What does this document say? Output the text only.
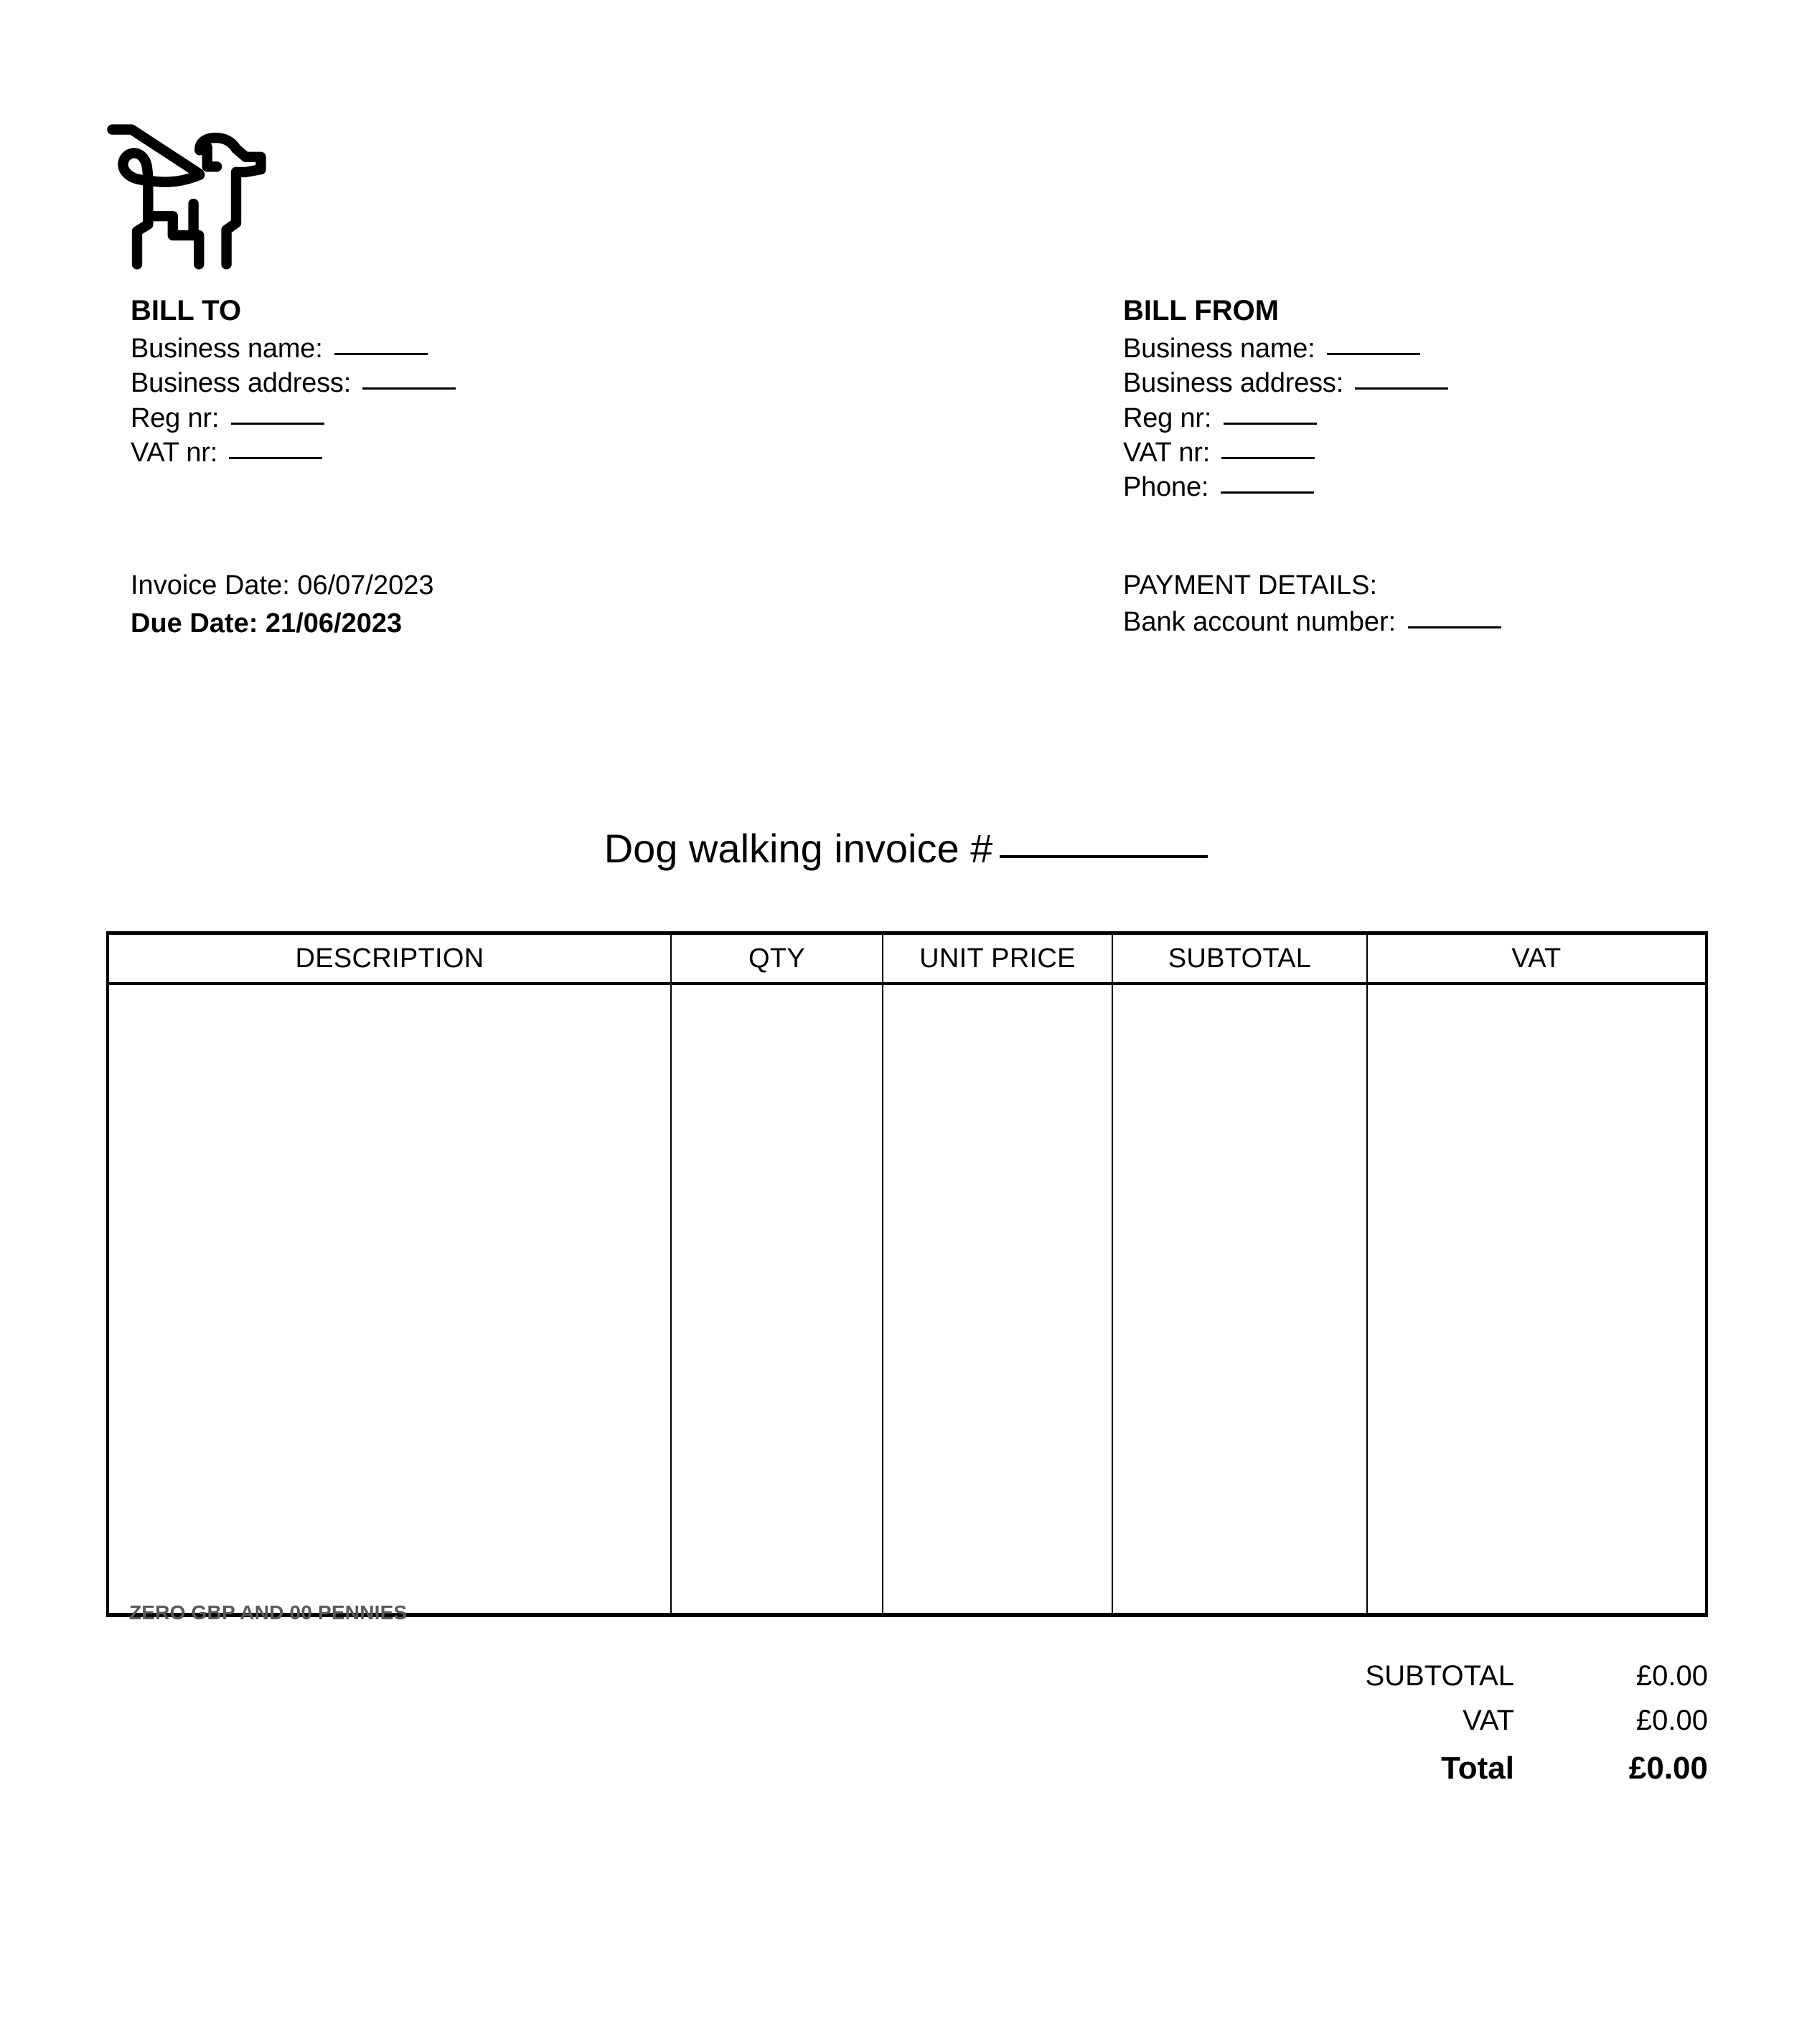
BILL TO
Business name:
Business address:
Reg nr:
VAT nr:
BILL FROM
Business name:
Business address:
Reg nr:
VAT nr:
Phone:
Invoice Date: 06/07/2023
Due Date: 21/06/2023
PAYMENT DETAILS:
Bank account number:
Dog walking invoice #
DESCRIPTION	QTY	UNIT PRICE	SUBTOTAL	VAT

ZERO GBP AND 00 PENNIES
SUBTOTAL	£0.00
VAT	£0.00
Total	£0.00
